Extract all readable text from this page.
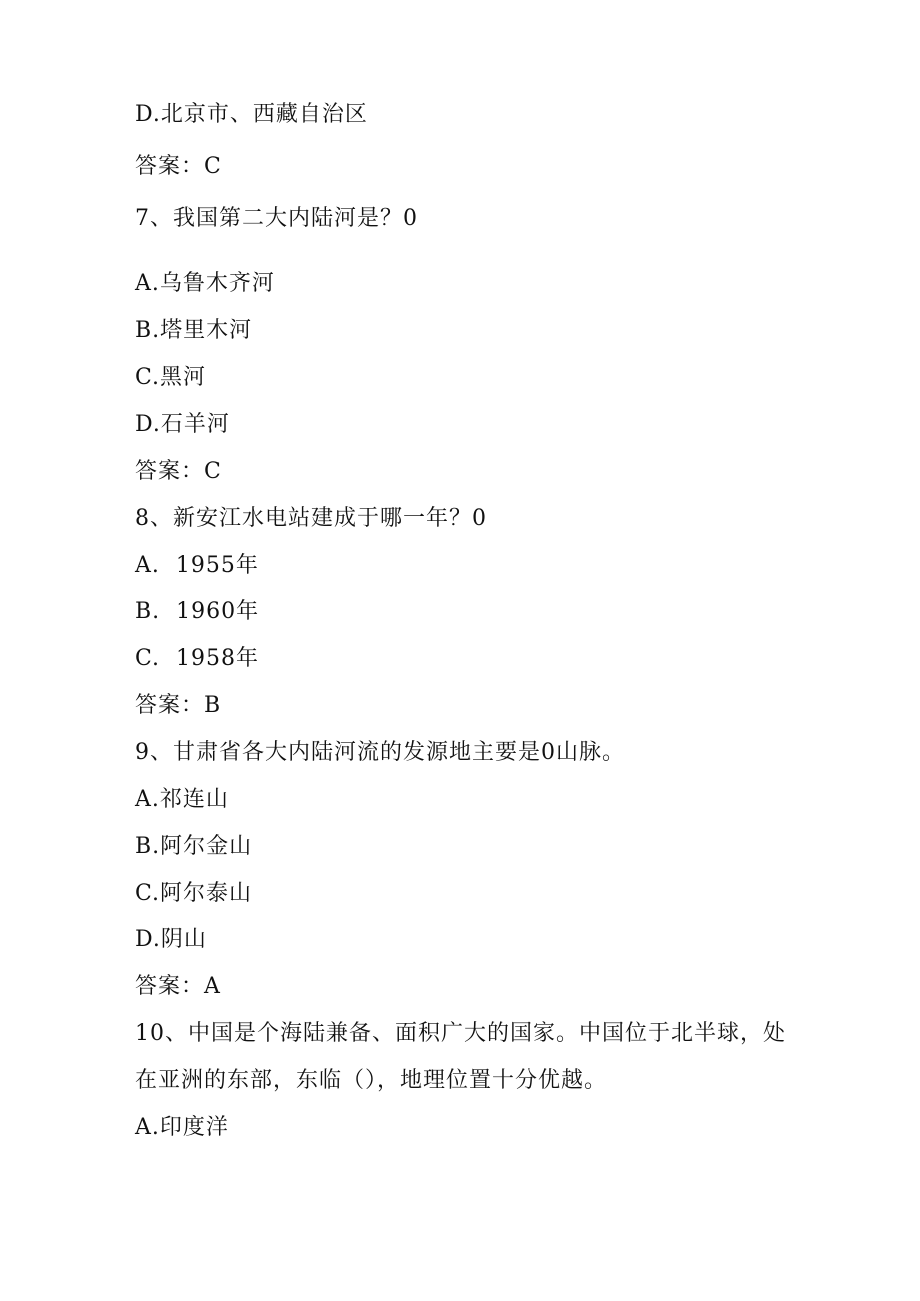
D.北京市、西藏自治区
答案：C
7、我国第二大内陆河是？0
A.乌鲁木齐河
B.塔里木河
C.黑河
D.石羊河
答案：C
8、新安江水电站建成于哪一年？0
A.  1955年
B.  1960年
C.  1958年
答案：B
9、甘肃省各大内陆河流的发源地主要是0山脉。
A.祁连山
B.阿尔金山
C.阿尔泰山
D.阴山
答案：A
10、中国是个海陆兼备、面积广大的国家。中国位于北半球，处
在亚洲的东部，东临（），地理位置十分优越。
A.印度洋
